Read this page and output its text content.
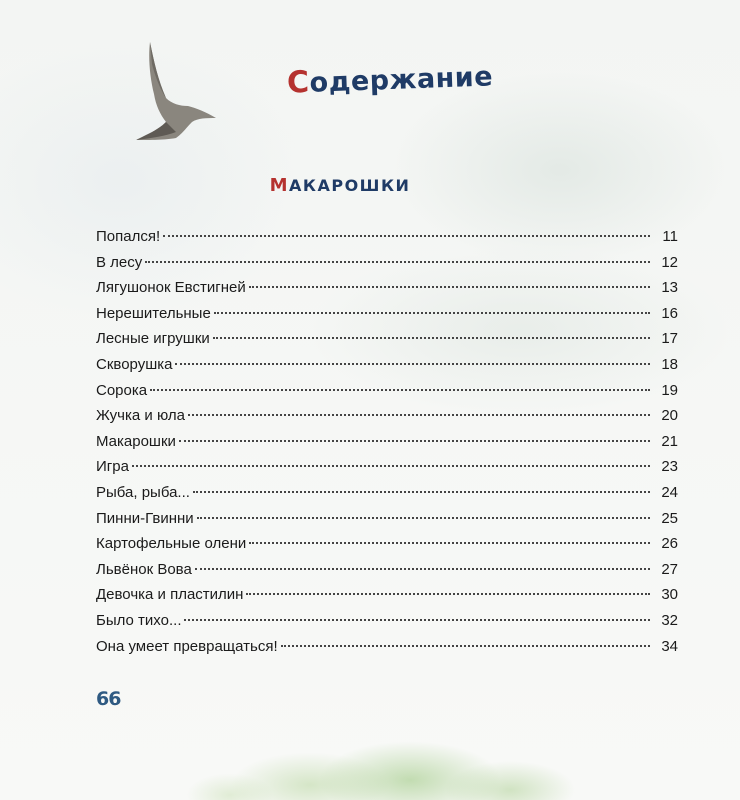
Содержание
МАКАРОШКИ
Попался!	11
В лесу	12
Лягушонок Евстигней	13
Нерешительные	16
Лесные игрушки	17
Скворушка	18
Сорока	19
Жучка и юла	20
Макарошки	21
Игра	23
Рыба, рыба...	24
Пинни-Гвинни	25
Картофельные олени	26
Львёнок Вова	27
Девочка и пластилин	30
Было тихо...	32
Она умеет превращаться!	34
66
